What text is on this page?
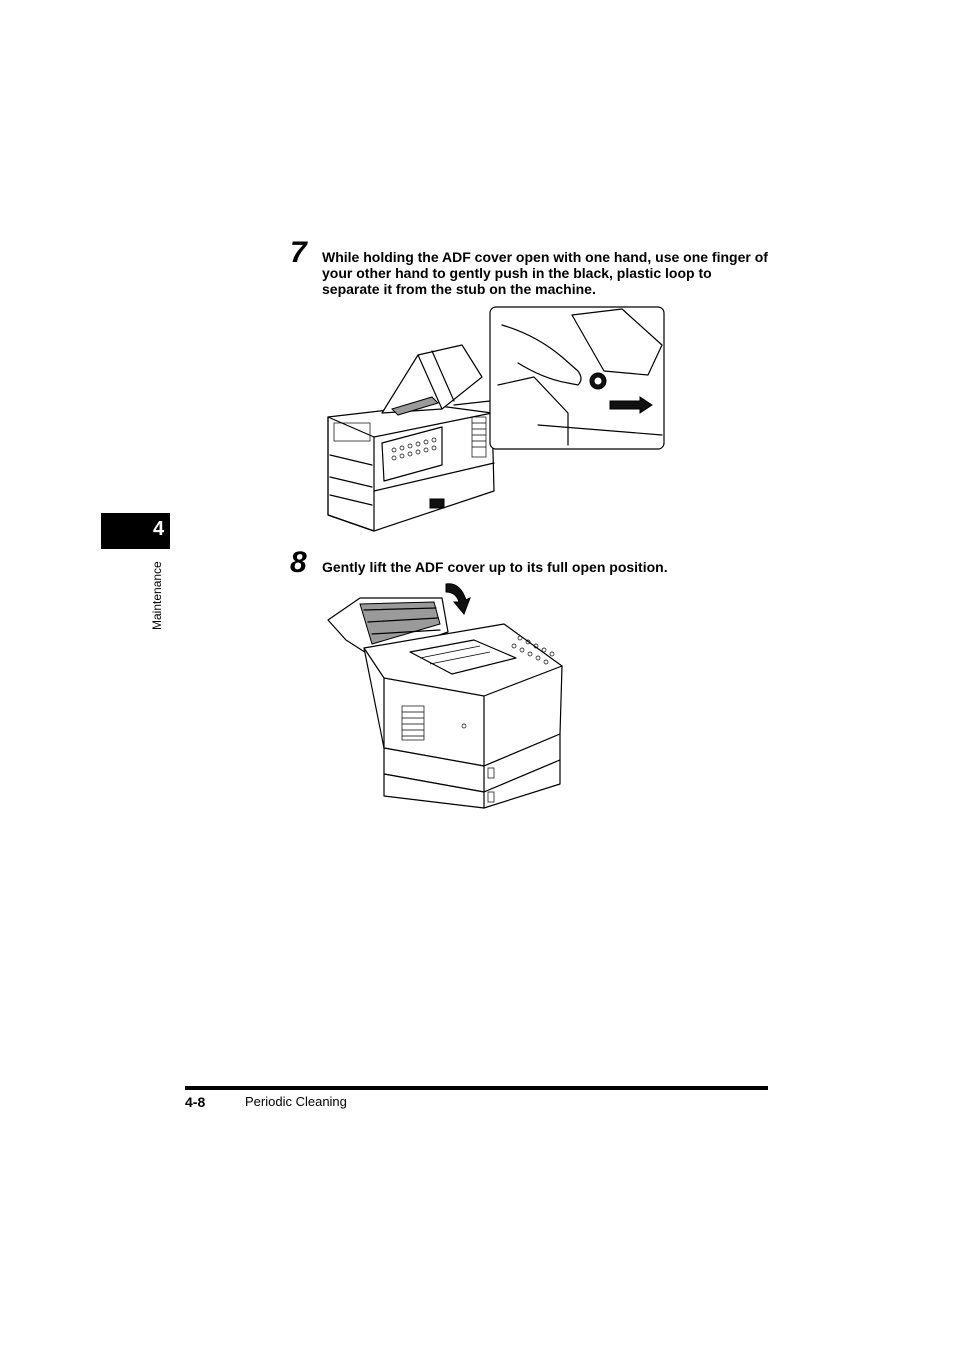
7 While holding the ADF cover open with one hand, use one finger of your other hand to gently push in the black, plastic loop to separate it from the stub on the machine.
8 Gently lift the ADF cover up to its full open position.
4
Maintenance
4-8	Periodic Cleaning
